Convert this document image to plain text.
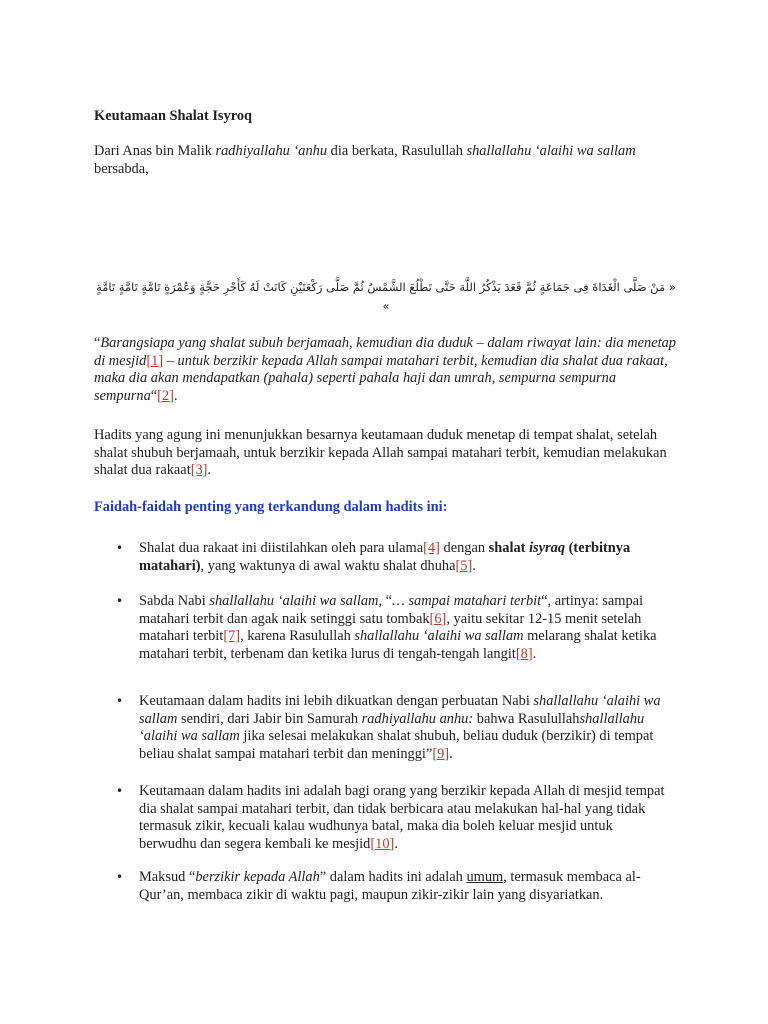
Keutamaan Shalat Isyroq
Dari Anas bin Malik radhiyallahu ‘anhu dia berkata, Rasulullah shallallahu ‘alaihi wa sallam bersabda,
« مَنْ صَلَّى الْغَدَاةَ فِى جَمَاعَةٍ ثُمَّ قَعَدَ يَذْكُرُ اللَّهَ حَتَّى تَطْلُعَ الشَّمْسُ ثُمَّ صَلَّى رَكْعَتَيْنِ كَانَتْ لَهُ كَأَجْرِ حَجَّةٍ وَعُمْرَةٍ تَامَّةٍ تَامَّةٍ تَامَّةٍ »

“Barangsiapa yang shalat subuh berjamaah, kemudian dia duduk – dalam riwayat lain: dia menetap di mesjid[1] – untuk berzikir kepada Allah sampai matahari terbit, kemudian dia shalat dua rakaat, maka dia akan mendapatkan (pahala) seperti pahala haji dan umrah, sempurna sempurna sempurna“[2].

Hadits yang agung ini menunjukkan besarnya keutamaan duduk menetap di tempat shalat, setelah shalat shubuh berjamaah, untuk berzikir kepada Allah sampai matahari terbit, kemudian melakukan shalat dua rakaat[3].
Faidah-faidah penting yang terkandung dalam hadits ini:
• Shalat dua rakaat ini diistilahkan oleh para ulama[4] dengan shalat isyraq (terbitnya matahari), yang waktunya di awal waktu shalat dhuha[5].
• Sabda Nabi shallallahu ‘alaihi wa sallam, “… sampai matahari terbit“, artinya: sampai matahari terbit dan agak naik setinggi satu tombak[6], yaitu sekitar 12-15 menit setelah matahari terbit[7], karena Rasulullah shallallahu ‘alaihi wa sallam melarang shalat ketika matahari terbit, terbenam dan ketika lurus di tengah-tengah langit[8].
• Keutamaan dalam hadits ini lebih dikuatkan dengan perbuatan Nabi shallallahu ‘alaihi wa sallam sendiri, dari Jabir bin Samurah radhiyallahu anhu: bahwa Rasulullahshallallahu ‘alaihi wa sallam jika selesai melakukan shalat shubuh, beliau duduk (berzikir) di tempat beliau shalat sampai matahari terbit dan meninggi”[9].
• Keutamaan dalam hadits ini adalah bagi orang yang berzikir kepada Allah di mesjid tempat dia shalat sampai matahari terbit, dan tidak berbicara atau melakukan hal-hal yang tidak termasuk zikir, kecuali kalau wudhunya batal, maka dia boleh keluar mesjid untuk berwudhu dan segera kembali ke mesjid[10].
• Maksud “berzikir kepada Allah” dalam hadits ini adalah umum, termasuk membaca al-Qur’an, membaca zikir di waktu pagi, maupun zikir-zikir lain yang disyariatkan.
